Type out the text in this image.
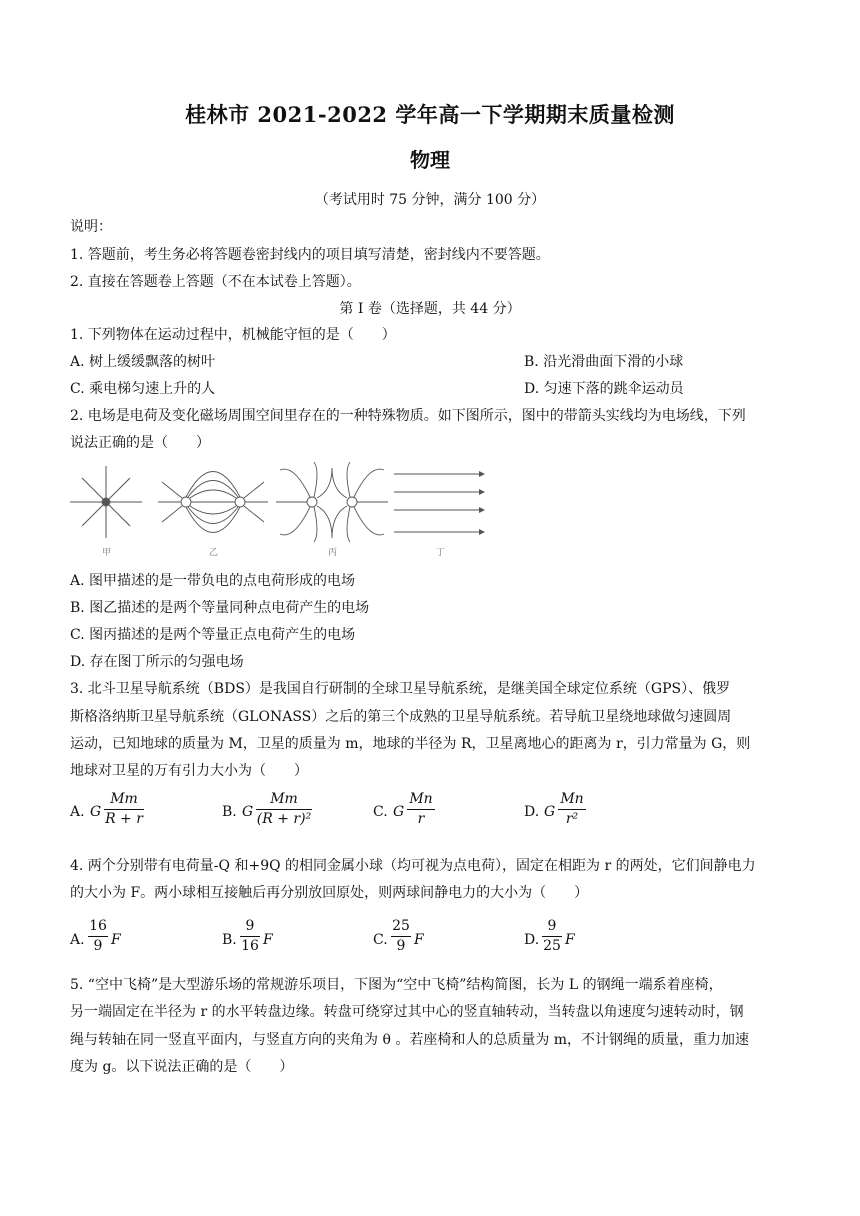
桂林市 2021-2022 学年高一下学期期末质量检测
物理
（考试用时 75 分钟，满分 100 分）
说明：
1. 答题前，考生务必将答题卷密封线内的项目填写清楚，密封线内不要答题。
2. 直接在答题卷上答题（不在本试卷上答题）。
第 I 卷（选择题，共 44 分）
1. 下列物体在运动过程中，机械能守恒的是（　　）
A. 树上缓缓飘落的树叶	B. 沿光滑曲面下滑的小球
C. 乘电梯匀速上升的人	D. 匀速下落的跳伞运动员
2. 电场是电荷及变化磁场周围空间里存在的一种特殊物质。如下图所示，图中的带箭头实线均为电场线，下列
说法正确的是（　　）
甲	乙	丙	丁
A. 图甲描述的是一带负电的点电荷形成的电场
B. 图乙描述的是两个等量同种点电荷产生的电场
C. 图丙描述的是两个等量正点电荷产生的电场
D. 存在图丁所示的匀强电场
3. 北斗卫星导航系统（BDS）是我国自行研制的全球卫星导航系统，是继美国全球定位系统（GPS）、俄罗
斯格洛纳斯卫星导航系统（GLONASS）之后的第三个成熟的卫星导航系统。若导航卫星绕地球做匀速圆周
运动，已知地球的质量为 M，卫星的质量为 m，地球的半径为 R，卫星离地心的距离为 r，引力常量为 G，则
地球对卫星的万有引力大小为（　　）
A. G
Mm
R + r	B. G
Mm
(R + r)²	C. G
Mn
r	D. G
Mn
r²
4. 两个分别带有电荷量-Q 和+9Q 的相同金属小球（均可视为点电荷），固定在相距为 r 的两处，它们间静电力
的大小为 F。两小球相互接触后再分别放回原处，则两球间静电力的大小为（　　）
A.
16
9 F	B.
9
16 F	C.
25
9 F	D.
9
25 F
5. “空中飞椅”是大型游乐场的常规游乐项目，下图为“空中飞椅”结构简图，长为 L 的钢绳一端系着座椅，
另一端固定在半径为 r 的水平转盘边缘。转盘可绕穿过其中心的竖直轴转动，当转盘以角速度匀速转动时，钢
绳与转轴在同一竖直平面内，与竖直方向的夹角为 θ 。若座椅和人的总质量为 m，不计钢绳的质量，重力加速
度为 g。以下说法正确的是（　　）
